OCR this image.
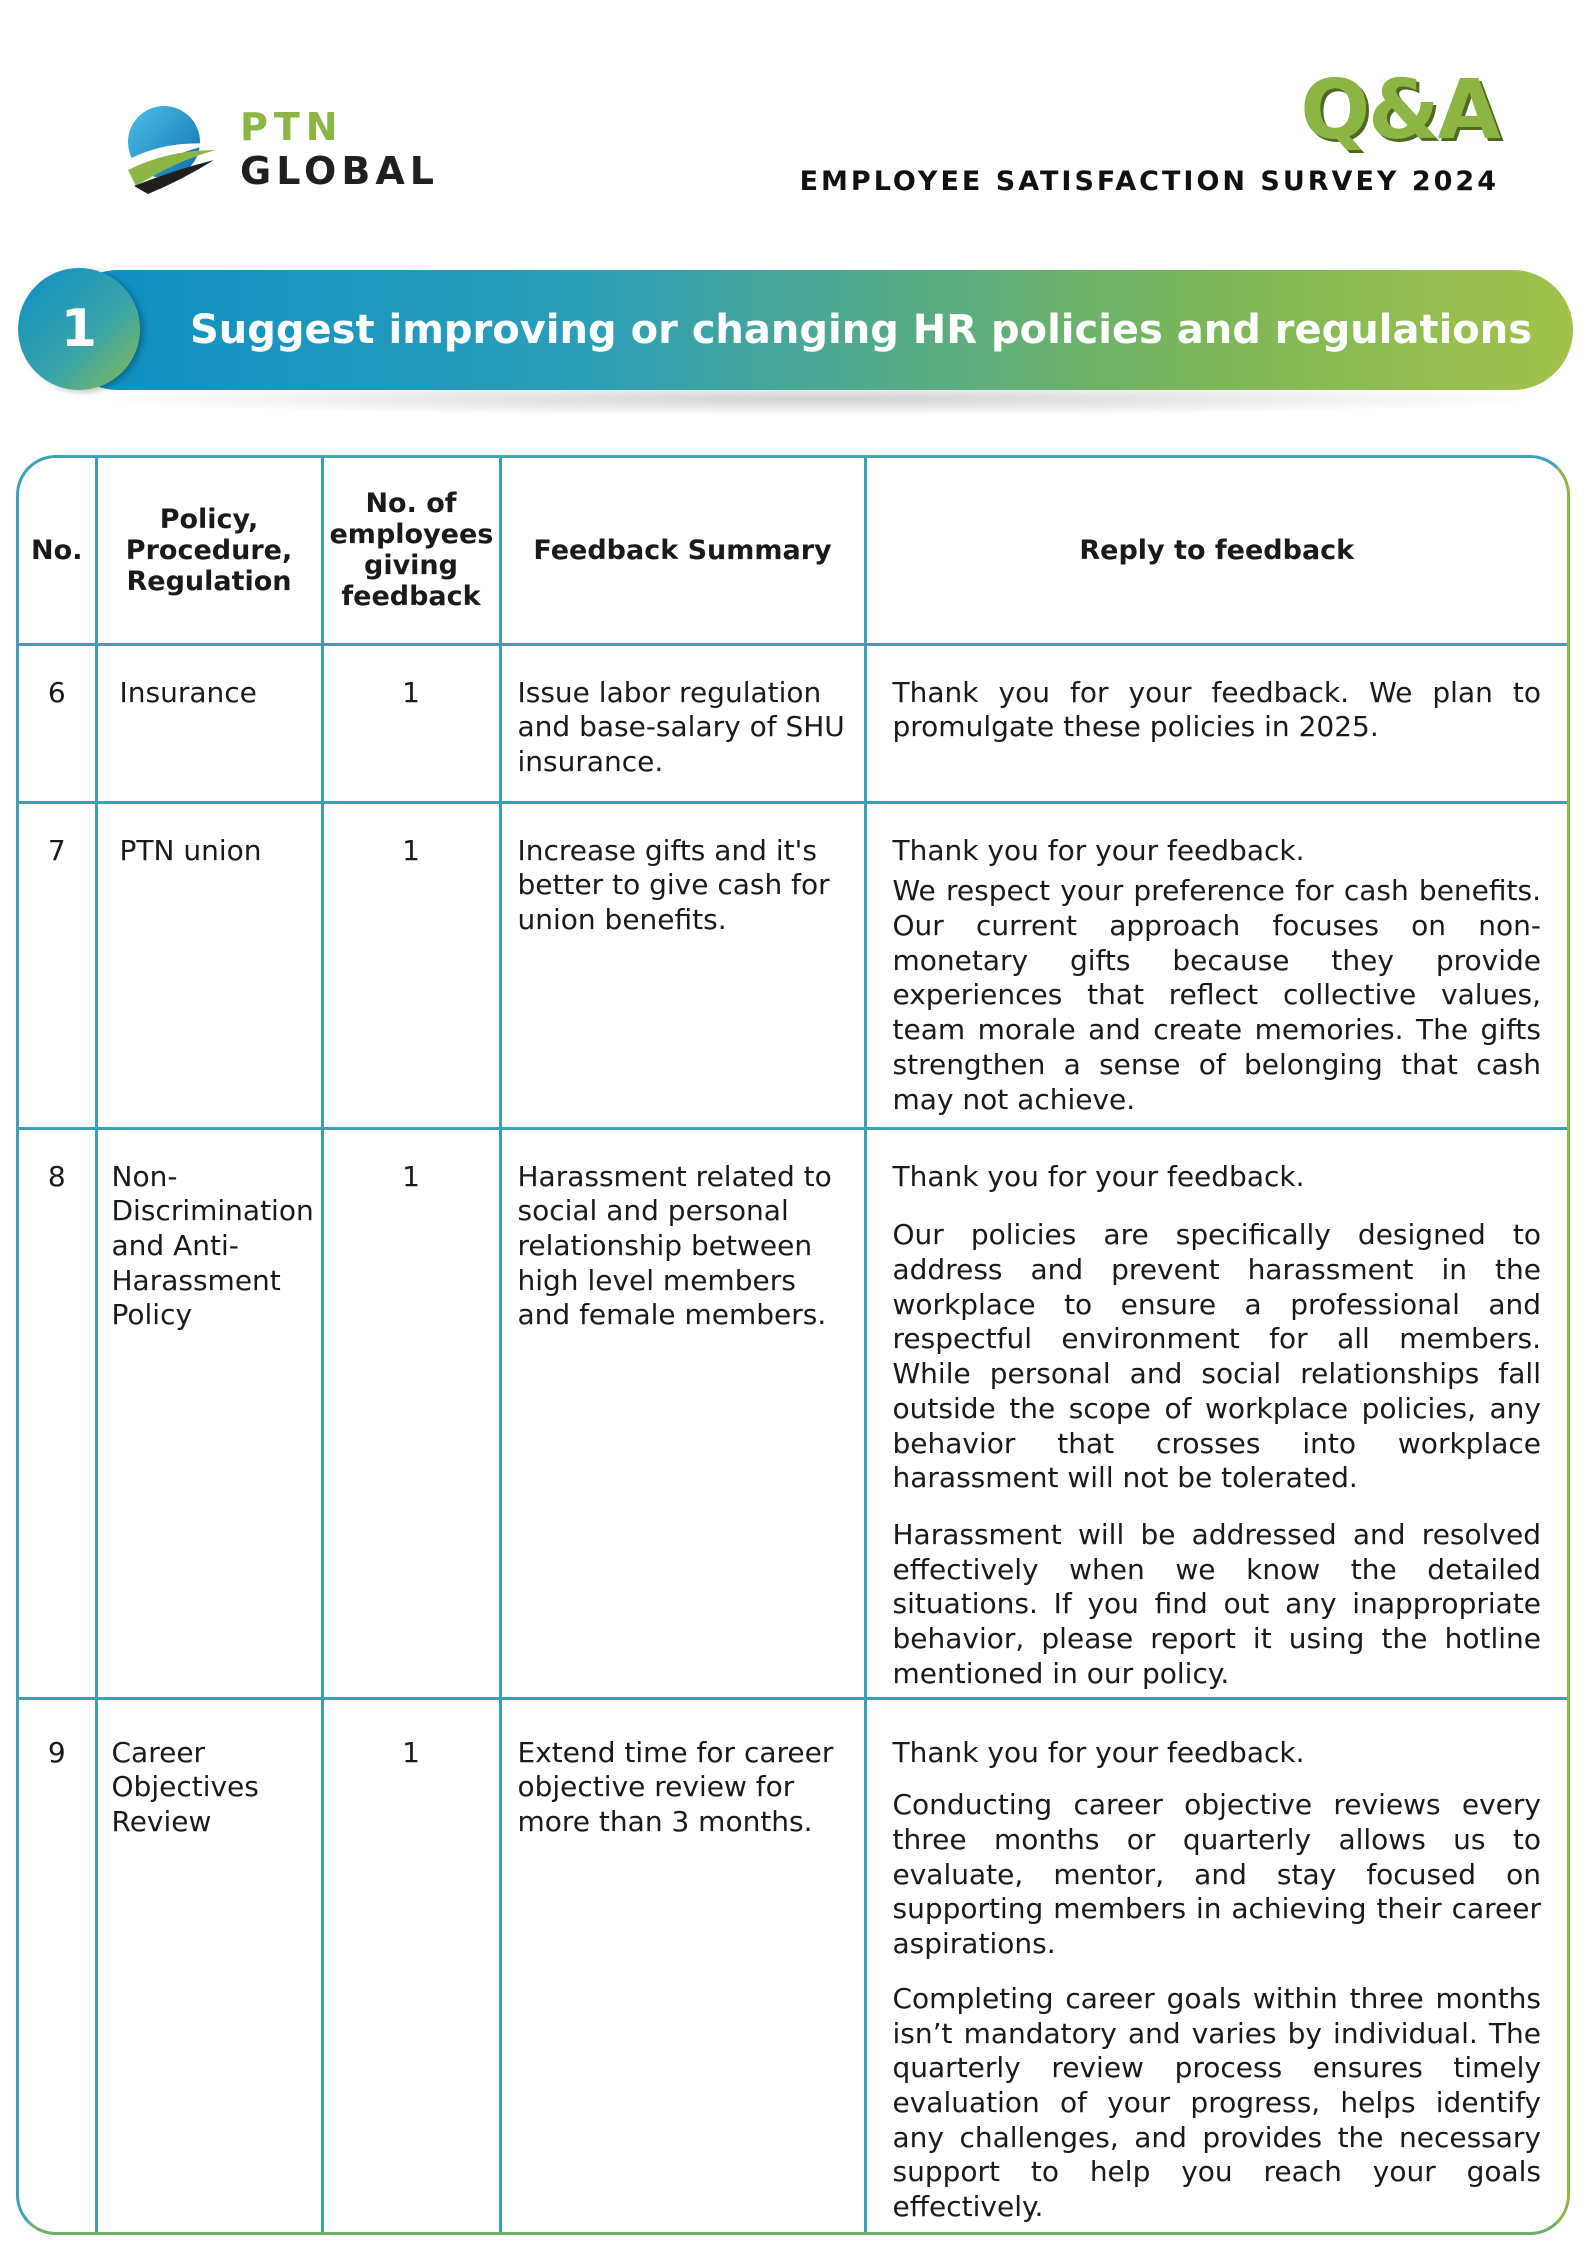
PTN
GLOBAL
Q&A
EMPLOYEE SATISFACTION SURVEY 2024
1 Suggest improving or changing HR policies and regulations
No.	Policy, Procedure, Regulation	No. of employees giving feedback	Feedback Summary	Reply to feedback
6	Insurance	1	Issue labor regulation and base-salary of SHU insurance.	Thank you for your feedback. We plan to promulgate these policies in 2025.

7	PTN union	1	Increase gifts and it's better to give cash for union benefits.	Thank you for your feedback.

We respect your preference for cash benefits. Our current approach focuses on non-monetary gifts because they provide experiences that reflect collective values, team morale and create memories. The gifts strengthen a sense of belonging that cash may not achieve.

8	Non-Discrimination and Anti-Harassment Policy	1	Harassment related to social and personal relationship between high level members and female members.	Thank you for your feedback.

Our policies are specifically designed to address and prevent harassment in the workplace to ensure a professional and respectful environment for all members. While personal and social relationships fall outside the scope of workplace policies, any behavior that crosses into workplace harassment will not be tolerated.

Harassment will be addressed and resolved effectively when we know the detailed situations. If you find out any inappropriate behavior, please report it using the hotline mentioned in our policy.

9	Career Objectives Review	1	Extend time for career objective review for more than 3 months.	Thank you for your feedback.

Conducting career objective reviews every three months or quarterly allows us to evaluate, mentor, and stay focused on supporting members in achieving their career aspirations.

Completing career goals within three months isn’t mandatory and varies by individual. The quarterly review process ensures timely evaluation of your progress, helps identify any challenges, and provides the necessary support to help you reach your goals effectively.
